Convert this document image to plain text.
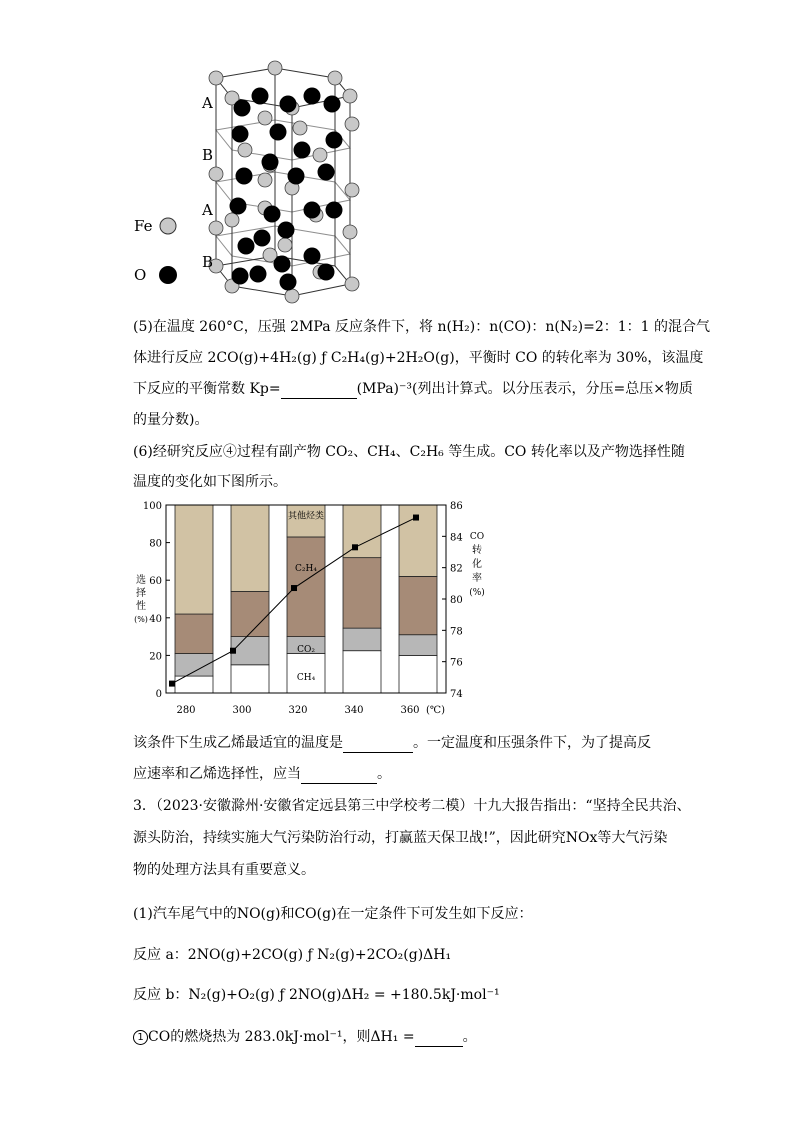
A
B
A
B
Fe
O
(5)在温度 260°C，压强 2MPa 反应条件下，将 n(H₂)：n(CO)：n(N₂)=2：1：1 的混合气
体进行反应 2CO(g)+4H₂(g) ƒ C₂H₄(g)+2H₂O(g)，平衡时 CO 的转化率为 30%，该温度
下反应的平衡常数 Kp=	(MPa)⁻³(列出计算式。以分压表示，分压=总压×物质
的量分数)。
(6)经研究反应④过程有副产物 CO₂、CH₄、C₂H₆ 等生成。CO 转化率以及产物选择性随
温度的变化如下图所示。
0
20
40
60
80
100
74
76
78
80
82
84
86
280	300	320	340	360 (℃)
选
择
性
(%)
CO
转
化
率
(%)
其他烃类
C₂H₄
CO₂
CH₄
该条件下生成乙烯最适宜的温度是	。一定温度和压强条件下，为了提高反
应速率和乙烯选择性，应当	。
3．（2023·安徽滁州·安徽省定远县第三中学校考二模）十九大报告指出：“坚持全民共治、
源头防治，持续实施大气污染防治行动，打赢蓝天保卫战!”，因此研究NOx等大气污染
物的处理方法具有重要意义。
(1)汽车尾气中的NO(g)和CO(g)在一定条件下可发生如下反应：
反应 a：2NO(g)+2CO(g) ƒ N₂(g)+2CO₂(g)ΔH₁
反应 b：N₂(g)+O₂(g) ƒ 2NO(g)ΔH₂ = +180.5kJ·mol⁻¹
1 CO的燃烧热为 283.0kJ·mol⁻¹，则ΔH₁ =	。
